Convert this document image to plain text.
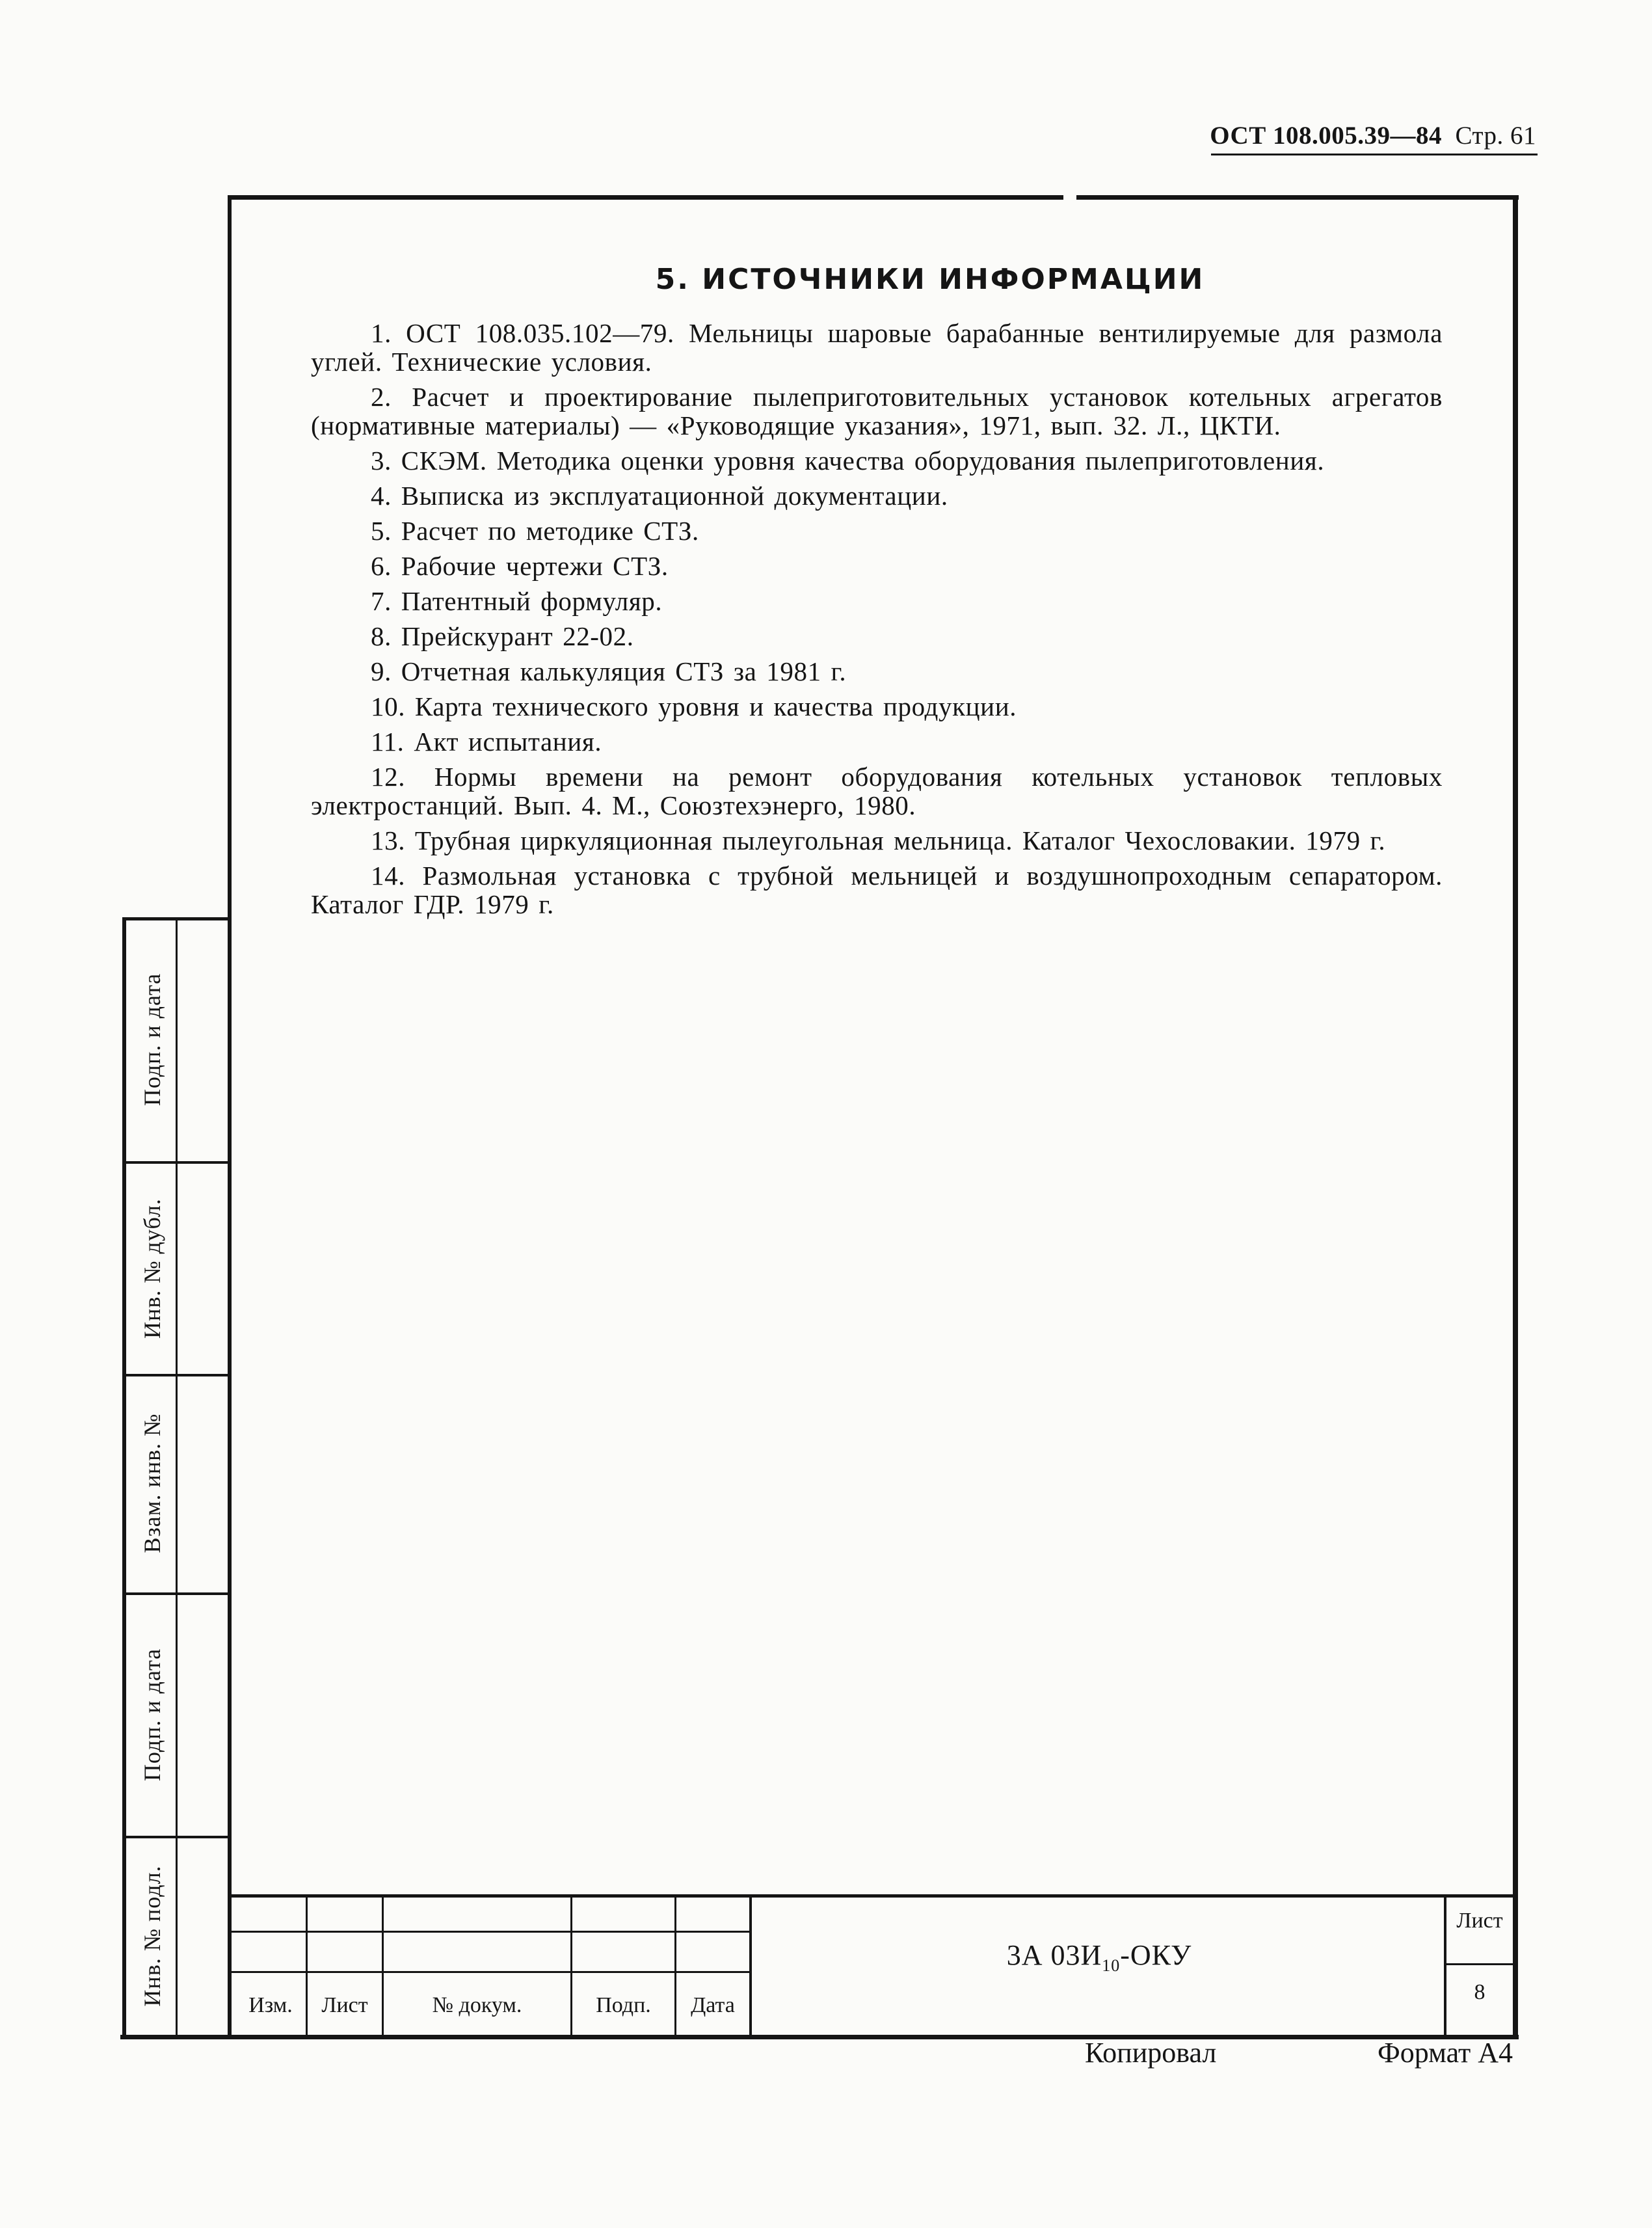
ОСТ 108.005.39—84 Стр. 61
Подп. и дата
Инв. № дубл.
Взам. инв. №
Подп. и дата
Инв. № подл.
5. ИСТОЧНИКИ ИНФОРМАЦИИ
1. ОСТ 108.035.102—79. Мельницы шаровые барабанные вентилируемые для размола углей. Технические условия.
2. Расчет и проектирование пылеприготовительных установок котельных агрегатов (нормативные материалы) — «Руководящие указания», 1971, вып. 32. Л., ЦКТИ.
3. СКЭМ. Методика оценки уровня качества оборудования пылеприготовления.
4. Выписка из эксплуатационной документации.
5. Расчет по методике СТЗ.
6. Рабочие чертежи СТЗ.
7. Патентный формуляр.
8. Прейскурант 22-02.
9. Отчетная калькуляция СТЗ за 1981 г.
10. Карта технического уровня и качества продукции.
11. Акт испытания.
12. Нормы времени на ремонт оборудования котельных установок тепловых электростанций. Вып. 4. М., Союзтехэнерго, 1980.
13. Трубная циркуляционная пылеугольная мельница. Каталог Чехословакии. 1979 г.
14. Размольная установка с трубной мельницей и воздушнопроходным сепаратором. Каталог ГДР. 1979 г.
Изм.	Лист	№ докум.	Подп.	Дата
3А $03И_{10}$-ОКУ
Лист
8
Копировал	Формат А4
